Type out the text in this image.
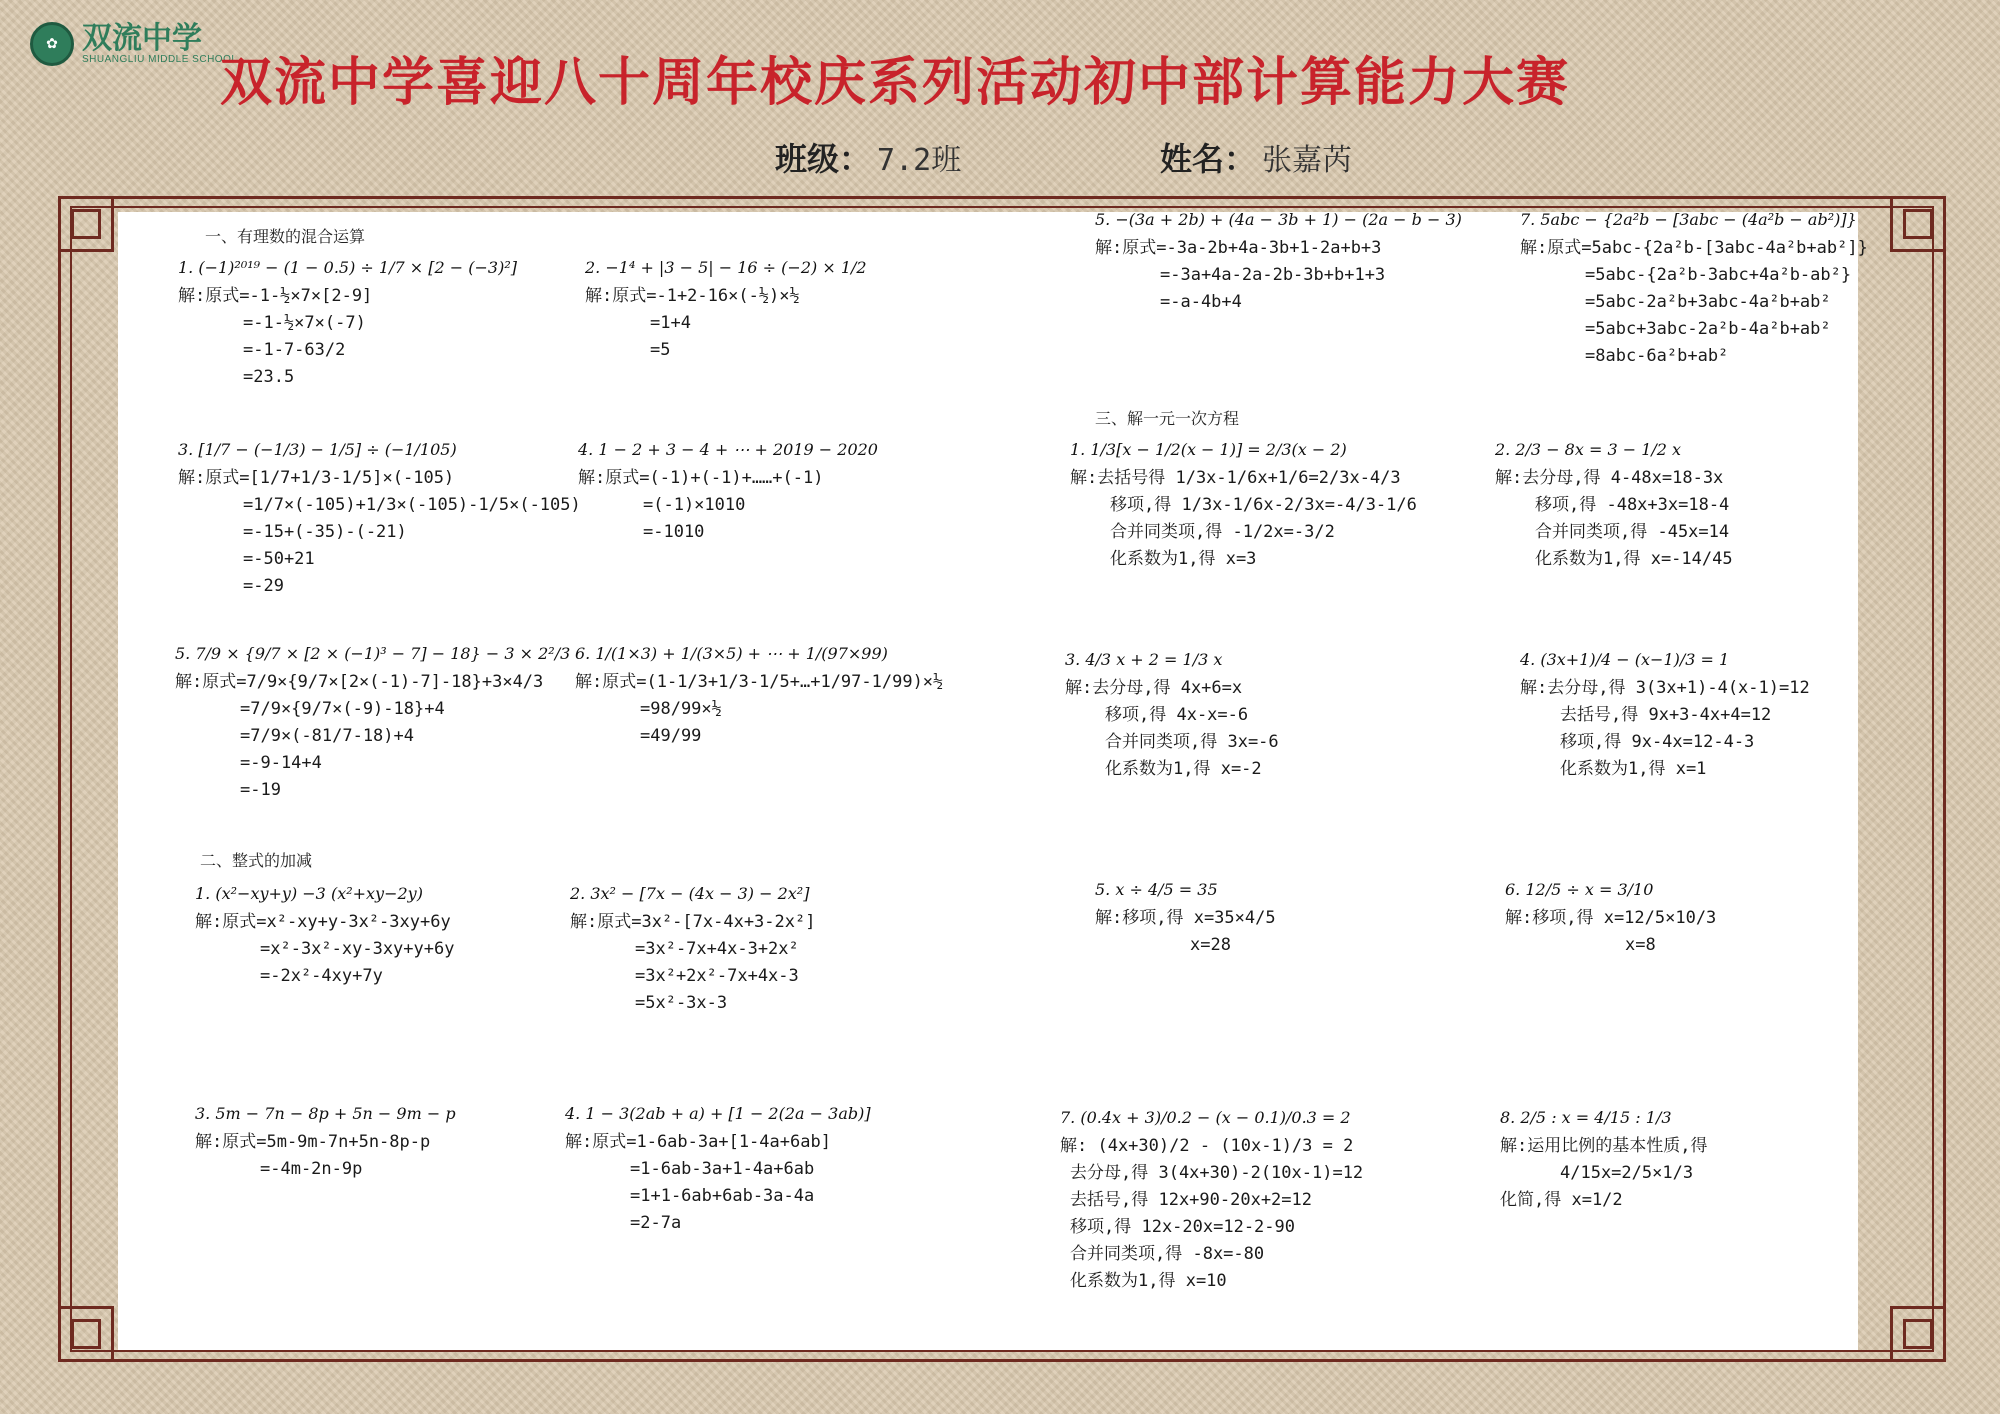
✿ 双流中学
SHUANGLIU MIDDLE SCHOOL
双流中学喜迎八十周年校庆系列活动初中部计算能力大赛
班级： 7.2班	姓名： 张嘉芮
一、有理数的混合运算
二、整式的加减
三、解一元一次方程
1. (−1)²⁰¹⁹ − (1 − 0.5) ÷ 1/7 × [2 − (−3)²]
解:原式=-1-½×7×[2-9]
=-1-½×7×(-7)
=-1-7-63/2
=23.5
2. −1⁴ + |3 − 5| − 16 ÷ (−2) × 1/2
解:原式=-1+2-16×(-½)×½
=1+4
=5
3. [1/7 − (−1/3) − 1/5] ÷ (−1/105)
解:原式=[1/7+1/3-1/5]×(-105)
=1/7×(-105)+1/3×(-105)-1/5×(-105)
=-15+(-35)-(-21)
=-50+21
=-29
4. 1 − 2 + 3 − 4 + ⋯ + 2019 − 2020
解:原式=(-1)+(-1)+……+(-1)
=(-1)×1010
=-1010
5. 7/9 × {9/7 × [2 × (−1)³ − 7] − 18} − 3 × 2²/3
解:原式=7/9×{9/7×[2×(-1)-7]-18}+3×4/3
=7/9×{9/7×(-9)-18}+4
=7/9×(-81/7-18)+4
=-9-14+4
=-19
6. 1/(1×3) + 1/(3×5) + ⋯ + 1/(97×99)
解:原式=(1-1/3+1/3-1/5+…+1/97-1/99)×½
=98/99×½
=49/99
1. (x²−xy+y) −3 (x²+xy−2y)
解:原式=x²-xy+y-3x²-3xy+6y
=x²-3x²-xy-3xy+y+6y
=-2x²-4xy+7y
2. 3x² − [7x − (4x − 3) − 2x²]
解:原式=3x²-[7x-4x+3-2x²]
=3x²-7x+4x-3+2x²
=3x²+2x²-7x+4x-3
=5x²-3x-3
3. 5m − 7n − 8p + 5n − 9m − p
解:原式=5m-9m-7n+5n-8p-p
=-4m-2n-9p
4. 1 − 3(2ab + a) + [1 − 2(2a − 3ab)]
解:原式=1-6ab-3a+[1-4a+6ab]
=1-6ab-3a+1-4a+6ab
=1+1-6ab+6ab-3a-4a
=2-7a
5. −(3a + 2b) + (4a − 3b + 1) − (2a − b − 3)
解:原式=-3a-2b+4a-3b+1-2a+b+3
=-3a+4a-2a-2b-3b+b+1+3
=-a-4b+4
7. 5abc − {2a²b − [3abc − (4a²b − ab²)]}
解:原式=5abc-{2a²b-[3abc-4a²b+ab²]}
=5abc-{2a²b-3abc+4a²b-ab²}
=5abc-2a²b+3abc-4a²b+ab²
=5abc+3abc-2a²b-4a²b+ab²
=8abc-6a²b+ab²
1. 1/3[x − 1/2(x − 1)] = 2/3(x − 2)
解:去括号得 1/3x-1/6x+1/6=2/3x-4/3
移项,得 1/3x-1/6x-2/3x=-4/3-1/6
合并同类项,得 -1/2x=-3/2
化系数为1,得 x=3
2. 2/3 − 8x = 3 − 1/2 x
解:去分母,得 4-48x=18-3x
移项,得 -48x+3x=18-4
合并同类项,得 -45x=14
化系数为1,得 x=-14/45
3. 4/3 x + 2 = 1/3 x
解:去分母,得 4x+6=x
移项,得 4x-x=-6
合并同类项,得 3x=-6
化系数为1,得 x=-2
4. (3x+1)/4 − (x−1)/3 = 1
解:去分母,得 3(3x+1)-4(x-1)=12
去括号,得 9x+3-4x+4=12
移项,得 9x-4x=12-4-3
化系数为1,得 x=1
5. x ÷ 4/5 = 35
解:移项,得 x=35×4/5
x=28
6. 12/5 ÷ x = 3/10
解:移项,得 x=12/5×10/3
x=8
7. (0.4x + 3)/0.2 − (x − 0.1)/0.3 = 2
解: (4x+30)/2 - (10x-1)/3 = 2
去分母,得 3(4x+30)-2(10x-1)=12
去括号,得 12x+90-20x+2=12
移项,得 12x-20x=12-2-90
合并同类项,得 -8x=-80
化系数为1,得 x=10
8. 2/5 : x = 4/15 : 1/3
解:运用比例的基本性质,得
4/15x=2/5×1/3
化简,得 x=1/2
